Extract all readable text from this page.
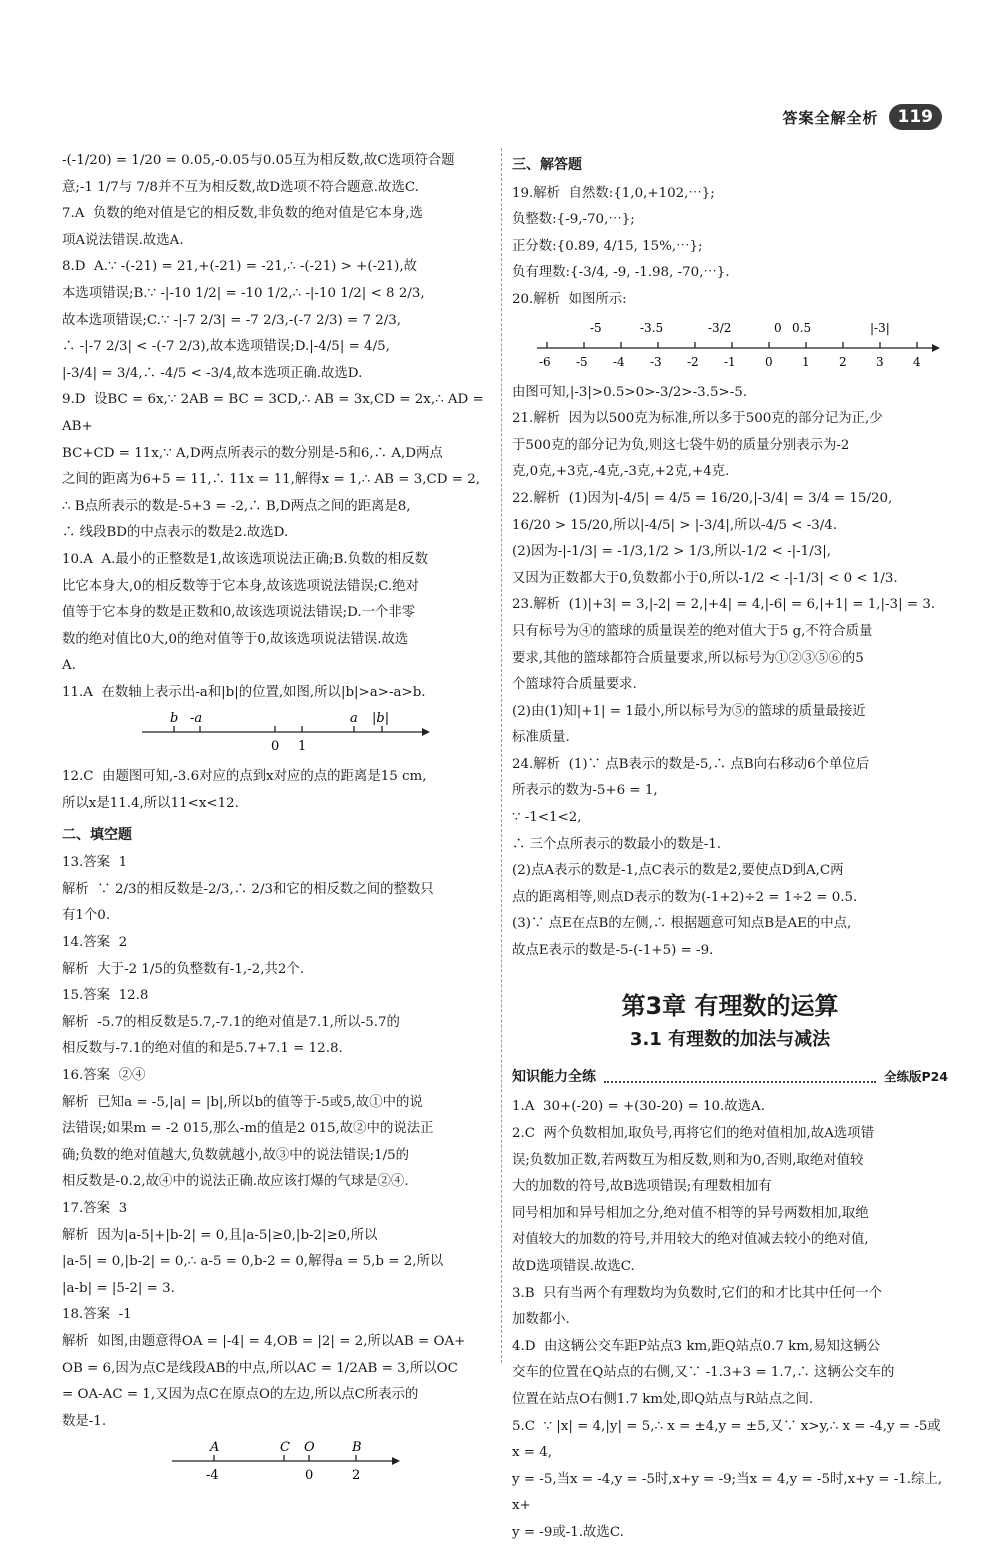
答案全解全析	119

-(-1/20) = 1/20 = 0.05,-0.05与0.05互为相反数,故C选项符合题

意;-1 1/7与 7/8并不互为相反数,故D选项不符合题意.故选C.

7.A  负数的绝对值是它的相反数,非负数的绝对值是它本身,选

项A说法错误.故选A.

8.D  A.∵ -(-21) = 21,+(-21) = -21,∴ -(-21) > +(-21),故

本选项错误;B.∵ -|-10 1/2| = -10 1/2,∴ -|-10 1/2| < 8 2/3,

故本选项错误;C.∵ -|-7 2/3| = -7 2/3,-(-7 2/3) = 7 2/3,

∴ -|-7 2/3| < -(-7 2/3),故本选项错误;D.|-4/5| = 4/5,

|-3/4| = 3/4,∴ -4/5 < -3/4,故本选项正确.故选D.

9.D  设BC = 6x,∵ 2AB = BC = 3CD,∴ AB = 3x,CD = 2x,∴ AD = AB+

BC+CD = 11x,∵ A,D两点所表示的数分别是-5和6,∴ A,D两点

之间的距离为6+5 = 11,∴ 11x = 11,解得x = 1,∴ AB = 3,CD = 2,

∴ B点所表示的数是-5+3 = -2,∴ B,D两点之间的距离是8,

∴ 线段BD的中点表示的数是2.故选D.

10.A  A.最小的正整数是1,故该选项说法正确;B.负数的相反数

比它本身大,0的相反数等于它本身,故该选项说法错误;C.绝对

值等于它本身的数是正数和0,故该选项说法错误;D.一个非零

数的绝对值比0大,0的绝对值等于0,故该选项说法错误.故选

A.

11.A  在数轴上表示出-a和|b|的位置,如图,所以|b|>a>-a>b.

b -a	a |b|
0 1

12.C  由题图可知,-3.6对应的点到x对应的点的距离是15 cm,

所以x是11.4,所以11<x<12.

二、填空题

13.答案  1

解析  ∵ 2/3的相反数是-2/3,∴ 2/3和它的相反数之间的整数只

有1个0.

14.答案  2

解析  大于-2 1/5的负整数有-1,-2,共2个.

15.答案  12.8

解析  -5.7的相反数是5.7,-7.1的绝对值是7.1,所以-5.7的

相反数与-7.1的绝对值的和是5.7+7.1 = 12.8.

16.答案  ②④

解析  已知a = -5,|a| = |b|,所以b的值等于-5或5,故①中的说

法错误;如果m = -2 015,那么-m的值是2 015,故②中的说法正

确;负数的绝对值越大,负数就越小,故③中的说法错误;1/5的

相反数是-0.2,故④中的说法正确.故应该打爆的气球是②④.

17.答案  3

解析  因为|a-5|+|b-2| = 0,且|a-5|≥0,|b-2|≥0,所以

|a-5| = 0,|b-2| = 0,∴ a-5 = 0,b-2 = 0,解得a = 5,b = 2,所以

|a-b| = |5-2| = 3.

18.答案  -1

解析  如图,由题意得OA = |-4| = 4,OB = |2| = 2,所以AB = OA+

OB = 6,因为点C是线段AB的中点,所以AC = 1/2AB = 3,所以OC

= OA-AC = 1,又因为点C在原点O的左边,所以点C所表示的

数是-1.

A	C O	B
-4	0	2
三、解答题

19.解析  自然数:{1,0,+102,⋯};

负整数:{-9,-70,⋯};

正分数:{0.89, 4/15, 15%,⋯};

负有理数:{-3/4, -9, -1.98, -70,⋯}.

20.解析  如图所示:

-5	-3.5	-3/2	0 0.5	|-3|
-6 -5 -4 -3 -2 -1 0 1 2 3 4

由图可知,|-3|>0.5>0>-3/2>-3.5>-5.

21.解析  因为以500克为标准,所以多于500克的部分记为正,少

于500克的部分记为负,则这七袋牛奶的质量分别表示为-2

克,0克,+3克,-4克,-3克,+2克,+4克.

22.解析  (1)因为|-4/5| = 4/5 = 16/20,|-3/4| = 3/4 = 15/20,

16/20 > 15/20,所以|-4/5| > |-3/4|,所以-4/5 < -3/4.

(2)因为-|-1/3| = -1/3,1/2 > 1/3,所以-1/2 < -|-1/3|,

又因为正数都大于0,负数都小于0,所以-1/2 < -|-1/3| < 0 < 1/3.

23.解析  (1)|+3| = 3,|-2| = 2,|+4| = 4,|-6| = 6,|+1| = 1,|-3| = 3.

只有标号为④的篮球的质量误差的绝对值大于5 g,不符合质量

要求,其他的篮球都符合质量要求,所以标号为①②③⑤⑥的5

个篮球符合质量要求.

(2)由(1)知|+1| = 1最小,所以标号为⑤的篮球的质量最接近

标准质量.

24.解析  (1)∵ 点B表示的数是-5,∴ 点B向右移动6个单位后

所表示的数为-5+6 = 1,

∵ -1<1<2,

∴ 三个点所表示的数最小的数是-1.

(2)点A表示的数是-1,点C表示的数是2,要使点D到A,C两

点的距离相等,则点D表示的数为(-1+2)÷2 = 1÷2 = 0.5.

(3)∵ 点E在点B的左侧,∴ 根据题意可知点B是AE的中点,

故点E表示的数是-5-(-1+5) = -9.

第3章 有理数的运算
3.1 有理数的加法与减法
知识能力全练	全练版P24

1.A  30+(-20) = +(30-20) = 10.故选A.

2.C  两个负数相加,取负号,再将它们的绝对值相加,故A选项错

误;负数加正数,若两数互为相反数,则和为0,否则,取绝对值较

大的加数的符号,故B选项错误;有理数相加有

同号相加和异号相加之分,绝对值不相等的异号两数相加,取绝

对值较大的加数的符号,并用较大的绝对值减去较小的绝对值,

故D选项错误.故选C.

3.B  只有当两个有理数均为负数时,它们的和才比其中任何一个

加数都小.

4.D  由这辆公交车距P站点3 km,距Q站点0.7 km,易知这辆公

交车的位置在Q站点的右侧,又∵ -1.3+3 = 1.7,∴ 这辆公交车的

位置在站点O右侧1.7 km处,即Q站点与R站点之间.

5.C  ∵ |x| = 4,|y| = 5,∴ x = ±4,y = ±5,又∵ x>y,∴ x = -4,y = -5或x = 4,

y = -5,当x = -4,y = -5时,x+y = -9;当x = 4,y = -5时,x+y = -1.综上,x+

y = -9或-1.故选C.
